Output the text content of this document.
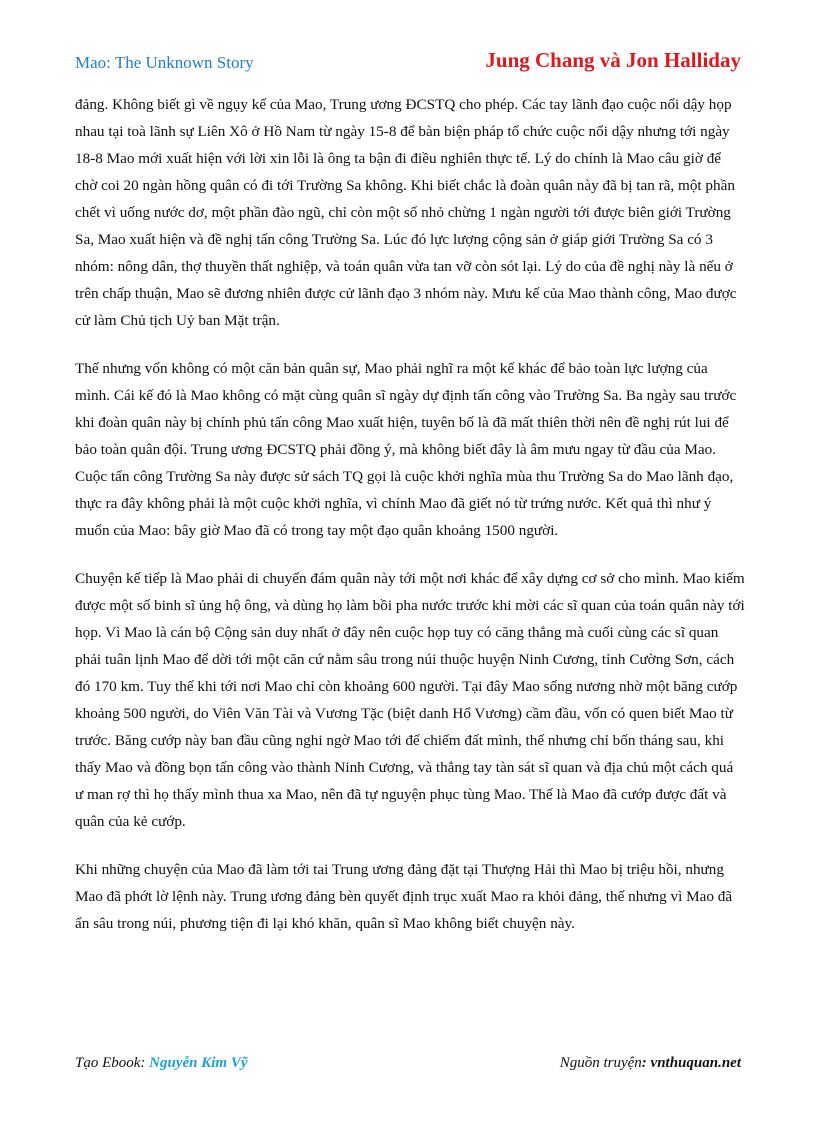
Mao: The Unknown Story	Jung Chang và Jon Halliday

đảng. Không biết gì về ngụy kế của Mao, Trung ương ĐCSTQ cho phép. Các tay lãnh đạo cuộc nổi dậy họp nhau tại toà lãnh sự Liên Xô ở Hồ Nam từ ngày 15-8 để bàn biện pháp tổ chức cuộc nổi dậy nhưng tới ngày 18-8 Mao mới xuất hiện với lời xin lỗi là ông ta bận đi điều nghiên thực tế. Lý do chính là Mao câu giờ để chờ coi 20 ngàn hồng quân có đi tới Trường Sa không. Khi biết chắc là đoàn quân này đã bị tan rã, một phần chết vì uống nước dơ, một phần đào ngũ, chỉ còn một số nhỏ chừng 1 ngàn người tới được biên giới Trường Sa, Mao xuất hiện và đề nghị tấn công Trường Sa. Lúc đó lực lượng cộng sản ở giáp giới Trường Sa có 3 nhóm: nông dân, thợ thuyền thất nghiệp, và toán quân vừa tan vỡ còn sót lại. Lý do của đề nghị này là nếu ở trên chấp thuận, Mao sẽ đương nhiên được cử lãnh đạo 3 nhóm này. Mưu kế của Mao thành công, Mao được cử làm Chủ tịch Uỷ ban Mặt trận.

Thế nhưng vốn không có một căn bản quân sự, Mao phải nghĩ ra một kế khác để bảo toàn lực lượng của mình. Cái kế đó là Mao không có mặt cùng quân sĩ ngày dự định tấn công vào Trường Sa. Ba ngày sau trước khi đoàn quân này bị chính phủ tấn công Mao xuất hiện, tuyên bố là đã mất thiên thời nên đề nghị rút lui để bảo toàn quân đội. Trung ương ĐCSTQ phải đồng ý, mà không biết đây là âm mưu ngay từ đầu của Mao. Cuộc tấn công Trường Sa này được sử sách TQ gọi là cuộc khởi nghĩa mùa thu Trường Sa do Mao lãnh đạo, thực ra đây không phải là một cuộc khởi nghĩa, vì chính Mao đã giết nó từ trứng nước. Kết quả thì như ý muốn của Mao: bây giờ Mao đã có trong tay một đạo quân khoảng 1500 người.

Chuyện kế tiếp là Mao phải di chuyển đám quân này tới một nơi khác để xây dựng cơ sở cho mình. Mao kiếm được một số binh sĩ ủng hộ ông, và dùng họ làm bồi pha nước trước khi mời các sĩ quan của toán quân này tới họp. Vì Mao là cán bộ Cộng sản duy nhất ở đây nên cuộc họp tuy có căng thẳng mà cuối cùng các sĩ quan phải tuân lịnh Mao để dời tới một căn cứ nằm sâu trong núi thuộc huyện Ninh Cương, tỉnh Cường Sơn, cách đó 170 km. Tuy thế khi tới nơi Mao chỉ còn khoảng 600 người. Tại đây Mao sống nương nhờ một băng cướp khoảng 500 người, do Viên Văn Tài và Vương Tặc (biệt danh Hổ Vương) cầm đầu, vốn có quen biết Mao từ trước. Băng cướp này ban đầu cũng nghi ngờ Mao tới để chiếm đất mình, thế nhưng chỉ bốn tháng sau, khi thấy Mao và đồng bọn tấn công vào thành Ninh Cương, và thẳng tay tàn sát sĩ quan và địa chủ một cách quá ư man rợ thì họ thấy mình thua xa Mao, nên đã tự nguyện phục tùng Mao. Thế là Mao đã cướp được đất và quân của kẻ cướp.

Khi những chuyện của Mao đã làm tới tai Trung ương đảng đặt tại Thượng Hải thì Mao bị triệu hồi, nhưng Mao đã phớt lờ lệnh này. Trung ương đảng bèn quyết định trục xuất Mao ra khỏi đảng, thế nhưng vì Mao đã ẩn sâu trong núi, phương tiện đi lại khó khăn, quân sĩ Mao không biết chuyện này.

Tạo Ebook: Nguyễn Kim Vỹ	Nguồn truyện: vnthuquan.net
